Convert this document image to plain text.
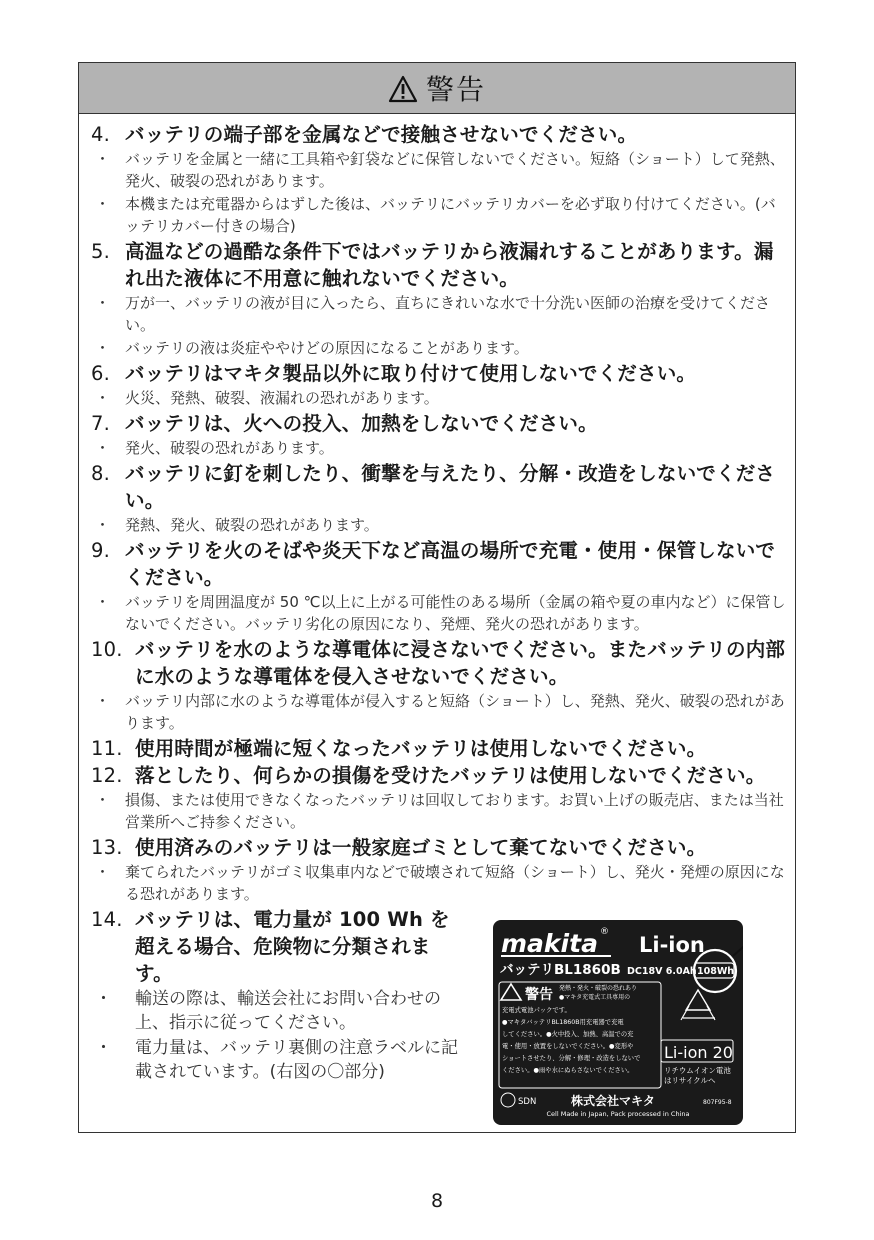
警告
4. バッテリの端子部を金属などで接触させないでください。
・ バッテリを金属と一緒に工具箱や釘袋などに保管しないでください。短絡（ショート）して発熱、発火、破裂の恐れがあります。
・ 本機または充電器からはずした後は、バッテリにバッテリカバーを必ず取り付けてください。(バッテリカバー付きの場合)
5. 高温などの過酷な条件下ではバッテリから液漏れすることがあります。漏れ出た液体に不用意に触れないでください。
・ 万が一、バッテリの液が目に入ったら、直ちにきれいな水で十分洗い医師の治療を受けてください。
・ バッテリの液は炎症ややけどの原因になることがあります。
6. バッテリはマキタ製品以外に取り付けて使用しないでください。
・ 火災、発熱、破裂、液漏れの恐れがあります。
7. バッテリは、火への投入、加熱をしないでください。
・ 発火、破裂の恐れがあります。
8. バッテリに釘を刺したり、衝撃を与えたり、分解・改造をしないでください。
・ 発熱、発火、破裂の恐れがあります。
9. バッテリを火のそばや炎天下など高温の場所で充電・使用・保管しないでください。
・ バッテリを周囲温度が 50 ℃以上に上がる可能性のある場所（金属の箱や夏の車内など）に保管しないでください。バッテリ劣化の原因になり、発煙、発火の恐れがあります。
10. バッテリを水のような導電体に浸さないでください。またバッテリの内部に水のような導電体を侵入させないでください。
・ バッテリ内部に水のような導電体が侵入すると短絡（ショート）し、発熱、発火、破裂の恐れがあります。
11. 使用時間が極端に短くなったバッテリは使用しないでください。
12. 落としたり、何らかの損傷を受けたバッテリは使用しないでください。
・ 損傷、または使用できなくなったバッテリは回収しております。お買い上げの販売店、または当社営業所へご持参ください。
13. 使用済みのバッテリは一般家庭ゴミとして棄てないでください。
・ 棄てられたバッテリがゴミ収集車内などで破壊されて短絡（ショート）し、発火・発煙の原因になる恐れがあります。
14. バッテリは、電力量が 100 Wh を超える場合、危険物に分類されます。
・ 輸送の際は、輸送会社にお問い合わせの上、指示に従ってください。
・ 電力量は、バッテリ裏側の注意ラベルに記載されています。(右図の〇部分)
makita ®
Li-ion
バッテリBL1860B DC18V 6.0Ah 108Wh
警告 発熱・発火・破裂の恐れあり ●マキタ充電式工具専用の
充電式電池パックです。
●マキタバッテリBL1860B用充電器で充電
してください。●火中投入、加熱、高温での充
電・使用・放置をしないでください。●変形や
ショートさせたり、分解・修理・改造をしないで
ください。●雨や水にぬらさないでください。
Li-ion 20
リチウムイオン電池
はリサイクルへ
SDN	株式会社マキタ	807F95-8
Cell Made in Japan, Pack processed in China
8
